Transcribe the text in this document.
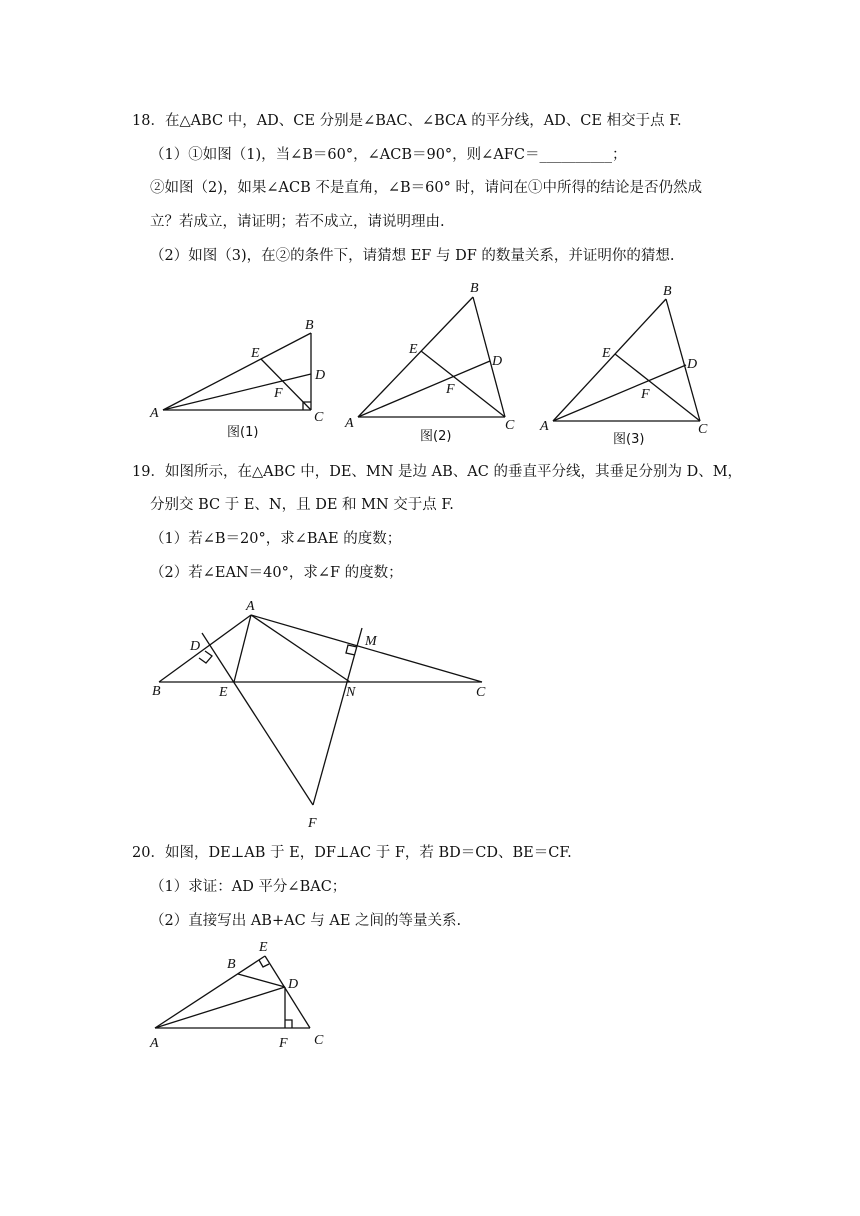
18．在△ABC 中，AD、CE 分别是∠BAC、∠BCA 的平分线，AD、CE 相交于点 F.
（1）①如图（1)，当∠B＝60°，∠ACB＝90°，则∠AFC＝__________；
②如图（2)，如果∠ACB 不是直角，∠B＝60° 时，请问在①中所得的结论是否仍然成
立？若成立，请证明；若不成立，请说明理由.
（2）如图（3)，在②的条件下，请猜想 EF 与 DF 的数量关系，并证明你的猜想.
A
B
C
D
E
F
图(1)
A
B
C
D
E
F
图(2)
A
B
C
D
E
F
图(3)
19．如图所示，在△ABC 中，DE、MN 是边 AB、AC 的垂直平分线，其垂足分别为 D、M，
分别交 BC 于 E、N，且 DE 和 MN 交于点 F.
（1）若∠B＝20°，求∠BAE 的度数；
（2）若∠EAN＝40°，求∠F 的度数；
B
A
C
D
E	N
M
F
20．如图，DE⊥AB 于 E，DF⊥AC 于 F，若 BD＝CD、BE＝CF.
（1）求证：AD 平分∠BAC；
（2）直接写出 AB+AC 与 AE 之间的等量关系.
A
B
C
D
E
F
